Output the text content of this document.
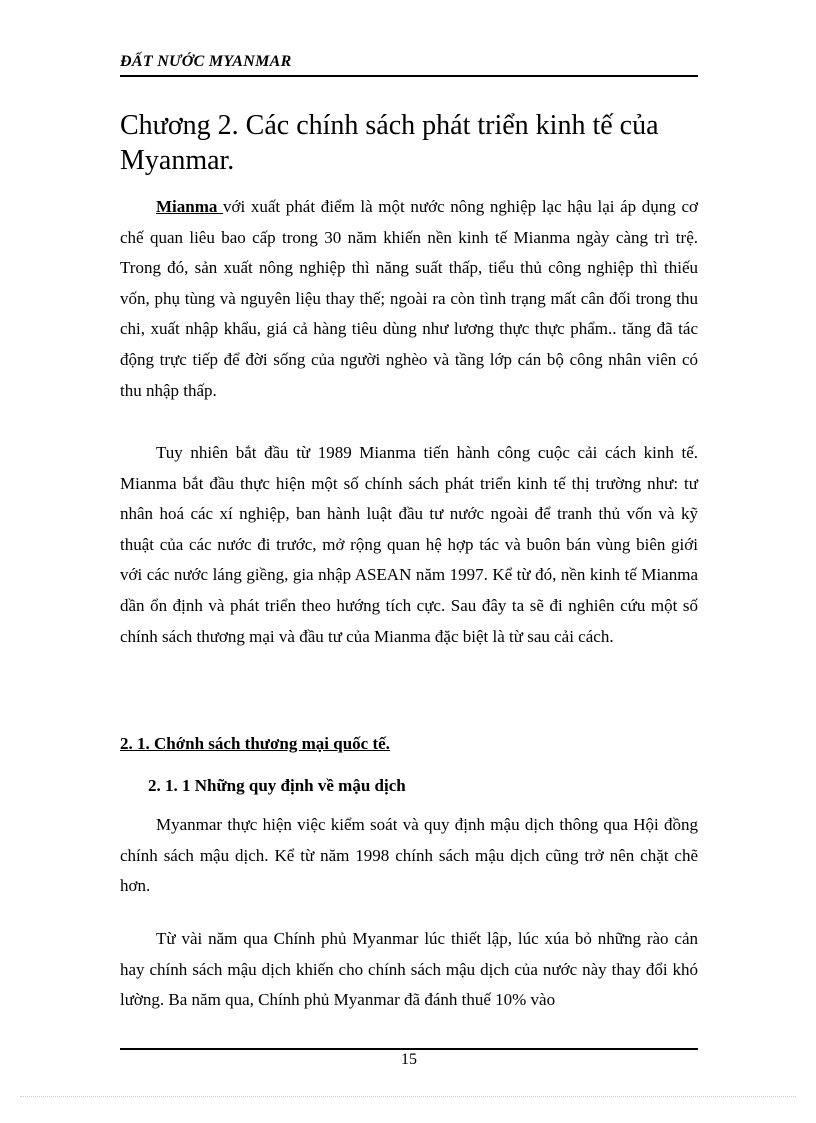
ĐẤT NƯỚC MYANMAR
Chương 2. Các chính sách phát triển kinh tế của Myanmar.

Mianma với xuất phát điểm là một nước nông nghiệp lạc hậu lại áp dụng cơ chế quan liêu bao cấp trong 30 năm khiến nền kinh tế Mianma ngày càng trì trệ. Trong đó, sản xuất nông nghiệp thì năng suất thấp, tiểu thủ công nghiệp thì thiếu vốn, phụ tùng và nguyên liệu thay thế; ngoài ra còn tình trạng mất cân đối trong thu chi, xuất nhập khẩu, giá cả hàng tiêu dùng như lương thực thực phẩm.. tăng đã tác động trực tiếp để đời sống của người nghèo và tầng lớp cán bộ công nhân viên có thu nhập thấp.

Tuy nhiên bắt đầu từ 1989 Mianma tiến hành công cuộc cải cách kinh tế. Mianma bắt đầu thực hiện một số chính sách phát triển kinh tế thị trường như: tư nhân hoá các xí nghiệp, ban hành luật đầu tư nước ngoài để tranh thủ vốn và kỹ thuật của các nước đi trước, mở rộng quan hệ hợp tác và buôn bán vùng biên giới với các nước láng giềng, gia nhập ASEAN năm 1997. Kể từ đó, nền kinh tế Mianma dần ổn định và phát triển theo hướng tích cực. Sau đây ta sẽ đi nghiên cứu một số chính sách thương mại và đầu tư của Mianma đặc biệt là từ sau cải cách.

2. 1. Chớnh sách thương mại quốc tế.
2. 1. 1 Những quy định về mậu dịch

Myanmar thực hiện việc kiểm soát và quy định mậu dịch thông qua Hội đồng chính sách mậu dịch. Kể từ năm 1998 chính sách mậu dịch cũng trở nên chặt chẽ hơn.

Từ vài năm qua Chính phủ Myanmar lúc thiết lập, lúc xúa bỏ những rào cản hay chính sách mậu dịch khiến cho chính sách mậu dịch của nước này thay đổi khó lường. Ba năm qua, Chính phủ Myanmar đã đánh thuế 10% vào

15
